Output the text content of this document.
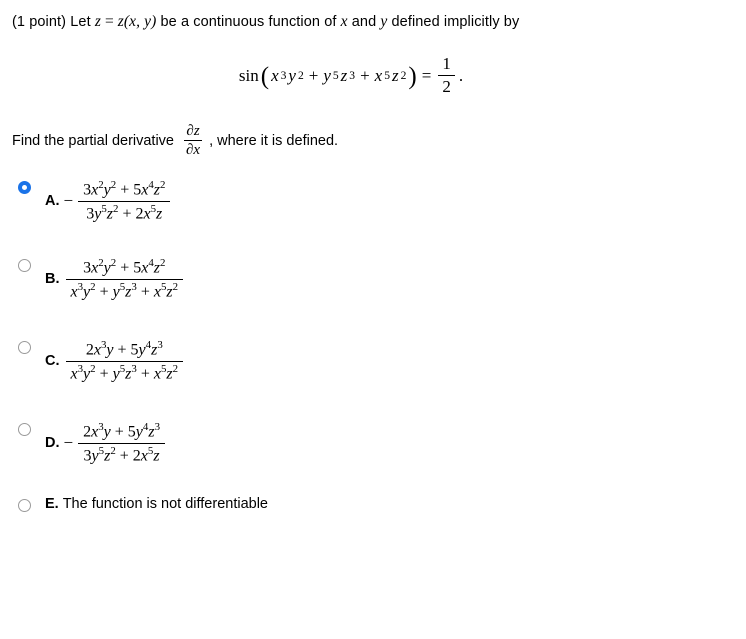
(1 point) Let z = z(x, y) be a continuous function of x and y defined implicitly by
sin ( x 3 y 2 + y 5 z 3 + x 5 z 2 ) = $\frac{1}{2}$ .
Find the partial derivative $\frac{\partial z}{\partial x}$ , where it is defined.
A. − $\frac{3x^2y^2 + 5x^4z^2}{3y^5z^2 + 2x^5z}$
B. $\frac{3x^2y^2 + 5x^4z^2}{x^3y^2 + y^5z^3 + x^5z^2}$
C. $\frac{2x^3y + 5y^4z^3}{x^3y^2 + y^5z^3 + x^5z^2}$
D. − $\frac{2x^3y + 5y^4z^3}{3y^5z^2 + 2x^5z}$
E. The function is not differentiable
